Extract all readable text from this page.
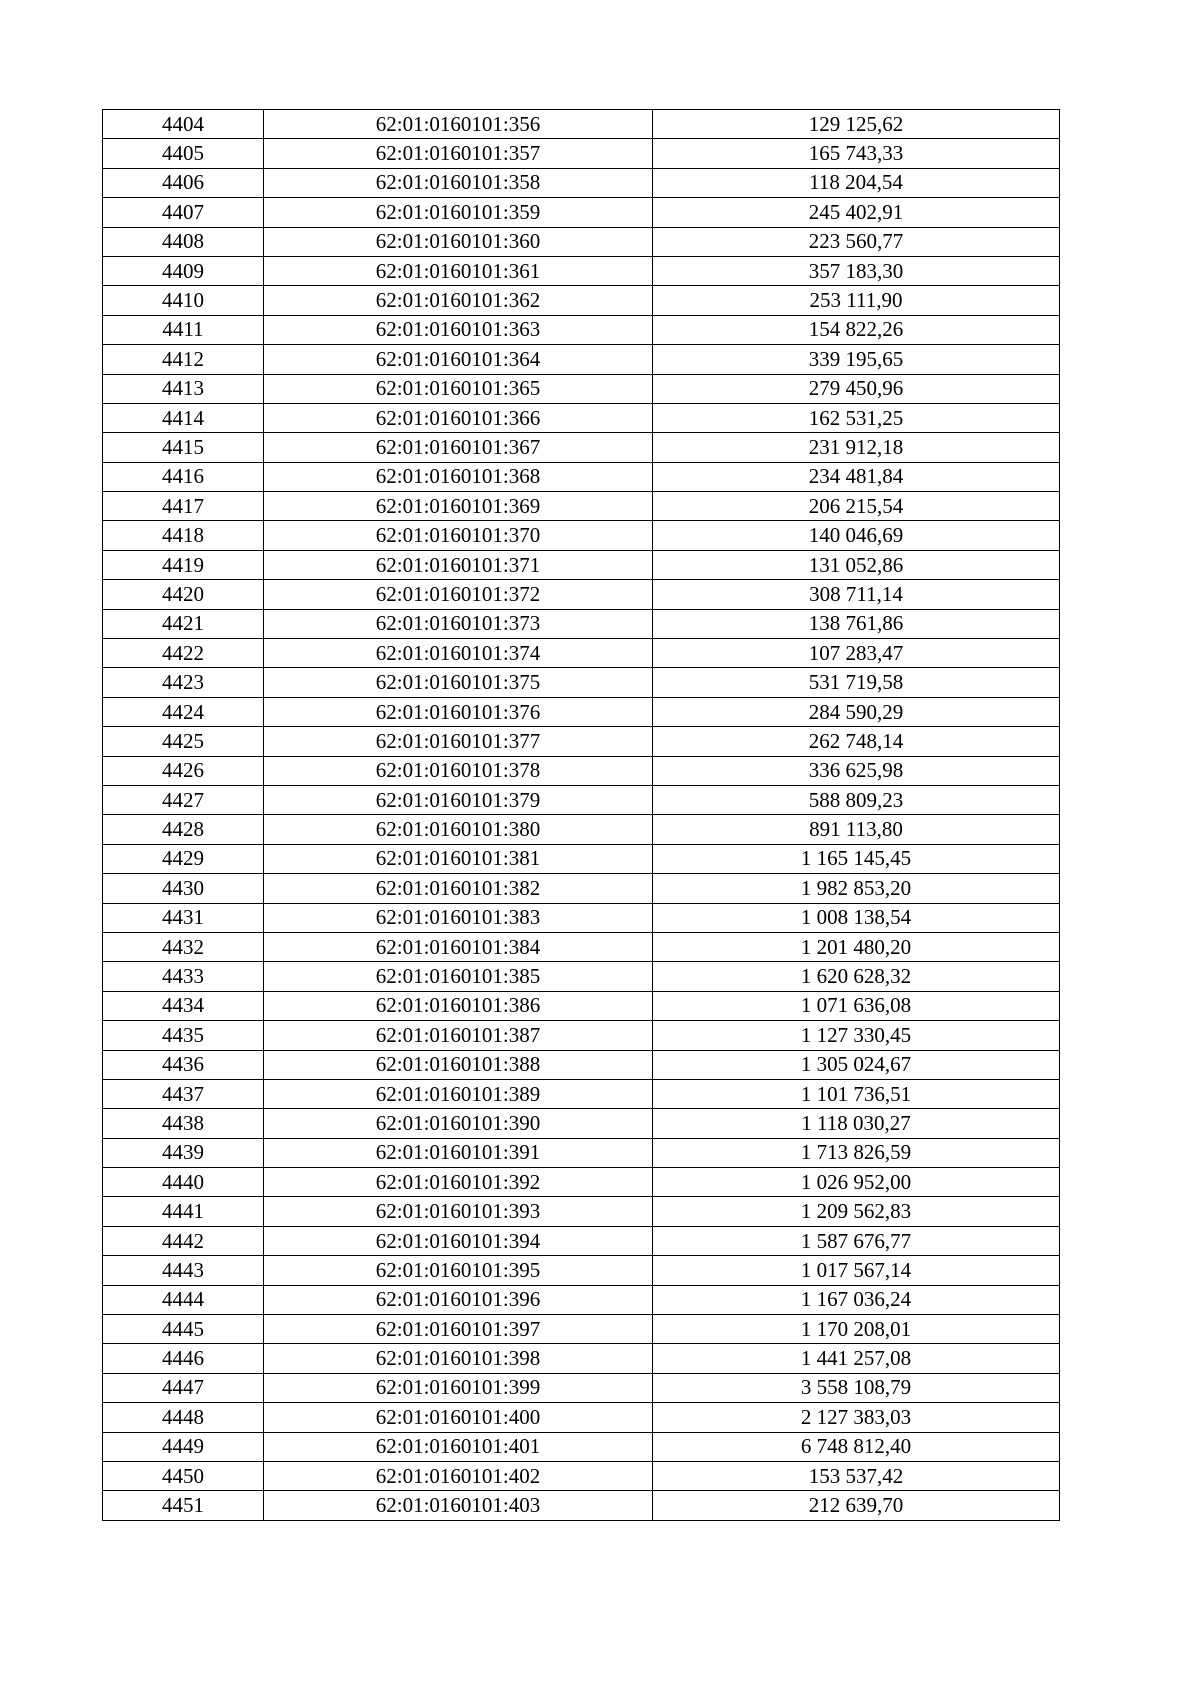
4404	62:01:0160101:356	129 125,62
4405	62:01:0160101:357	165 743,33
4406	62:01:0160101:358	118 204,54
4407	62:01:0160101:359	245 402,91
4408	62:01:0160101:360	223 560,77
4409	62:01:0160101:361	357 183,30
4410	62:01:0160101:362	253 111,90
4411	62:01:0160101:363	154 822,26
4412	62:01:0160101:364	339 195,65
4413	62:01:0160101:365	279 450,96
4414	62:01:0160101:366	162 531,25
4415	62:01:0160101:367	231 912,18
4416	62:01:0160101:368	234 481,84
4417	62:01:0160101:369	206 215,54
4418	62:01:0160101:370	140 046,69
4419	62:01:0160101:371	131 052,86
4420	62:01:0160101:372	308 711,14
4421	62:01:0160101:373	138 761,86
4422	62:01:0160101:374	107 283,47
4423	62:01:0160101:375	531 719,58
4424	62:01:0160101:376	284 590,29
4425	62:01:0160101:377	262 748,14
4426	62:01:0160101:378	336 625,98
4427	62:01:0160101:379	588 809,23
4428	62:01:0160101:380	891 113,80
4429	62:01:0160101:381	1 165 145,45
4430	62:01:0160101:382	1 982 853,20
4431	62:01:0160101:383	1 008 138,54
4432	62:01:0160101:384	1 201 480,20
4433	62:01:0160101:385	1 620 628,32
4434	62:01:0160101:386	1 071 636,08
4435	62:01:0160101:387	1 127 330,45
4436	62:01:0160101:388	1 305 024,67
4437	62:01:0160101:389	1 101 736,51
4438	62:01:0160101:390	1 118 030,27
4439	62:01:0160101:391	1 713 826,59
4440	62:01:0160101:392	1 026 952,00
4441	62:01:0160101:393	1 209 562,83
4442	62:01:0160101:394	1 587 676,77
4443	62:01:0160101:395	1 017 567,14
4444	62:01:0160101:396	1 167 036,24
4445	62:01:0160101:397	1 170 208,01
4446	62:01:0160101:398	1 441 257,08
4447	62:01:0160101:399	3 558 108,79
4448	62:01:0160101:400	2 127 383,03
4449	62:01:0160101:401	6 748 812,40
4450	62:01:0160101:402	153 537,42
4451	62:01:0160101:403	212 639,70
